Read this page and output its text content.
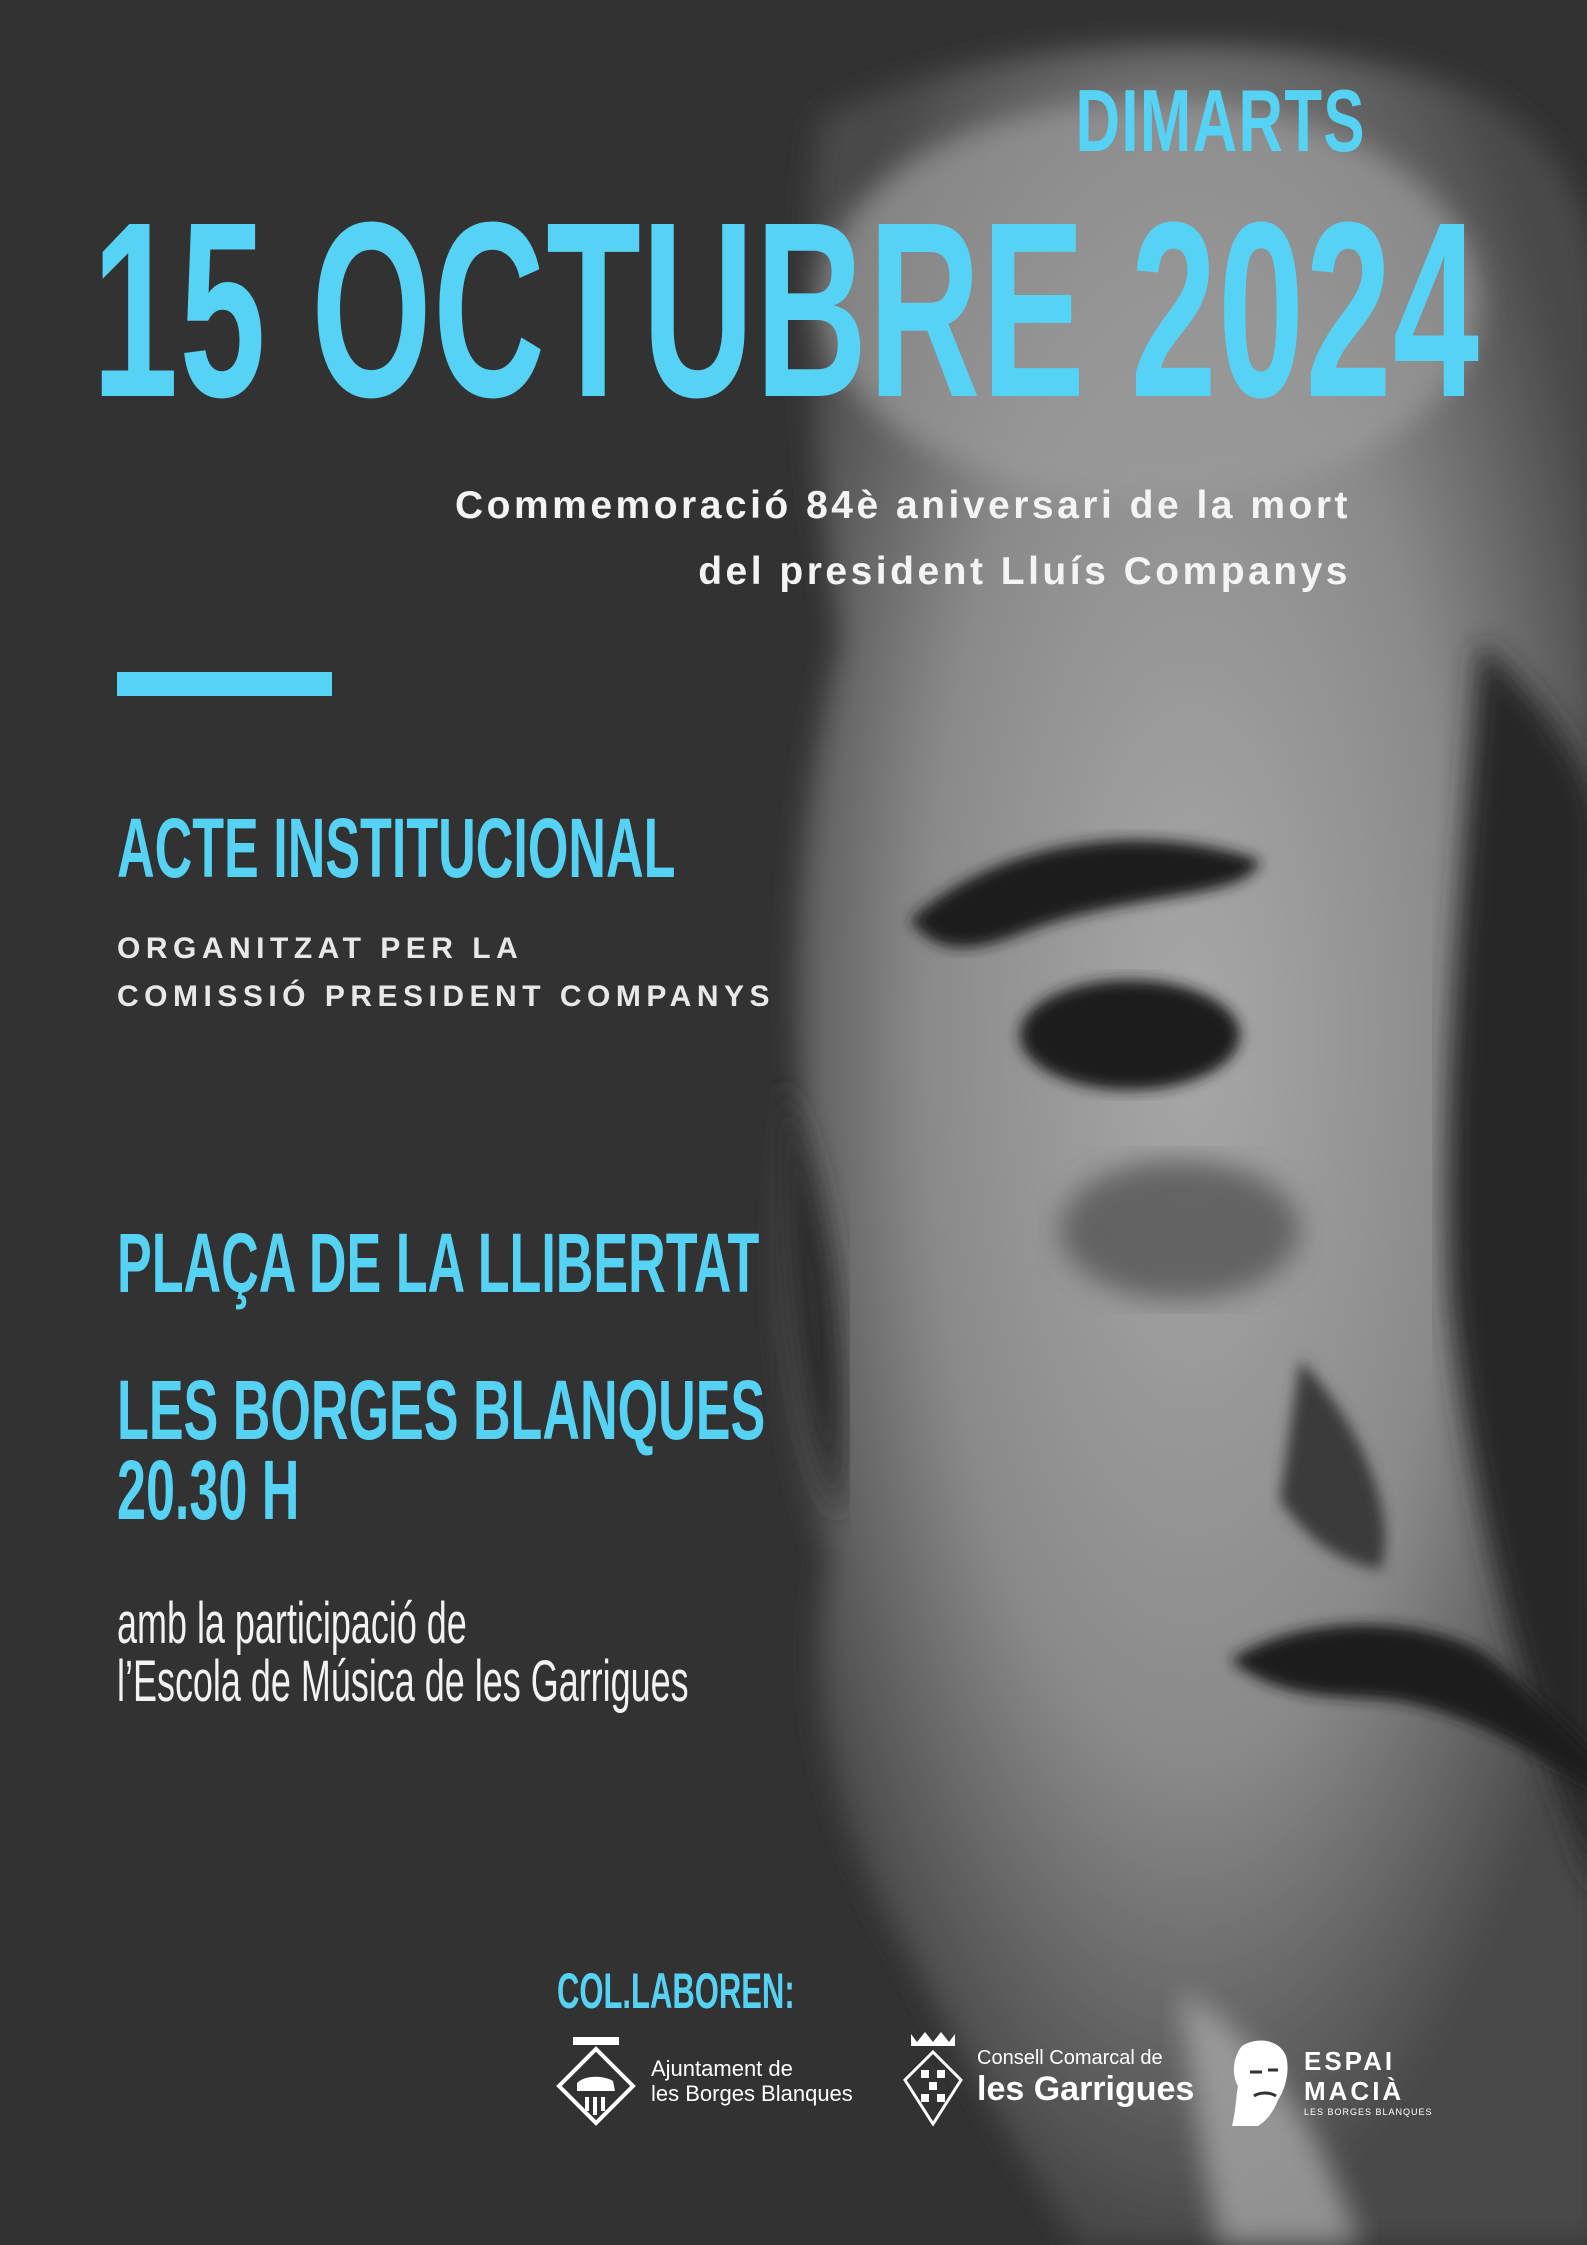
DIMARTS
15 OCTUBRE 2024
Commemoració 84è aniversari de la mort
del president Lluís Companys
ACTE INSTITUCIONAL
ORGANITZAT PER LA
COMISSIÓ PRESIDENT COMPANYS
PLAÇA DE LA LLIBERTAT
LES BORGES BLANQUES
20.30 H
amb la participació de
l’Escola de Música de les Garrigues
COL.LABOREN:
Ajuntament de
les Borges Blanques
Consell Comarcal de
les Garrigues
ESPAI
MACIÀ
LES BORGES BLANQUES
